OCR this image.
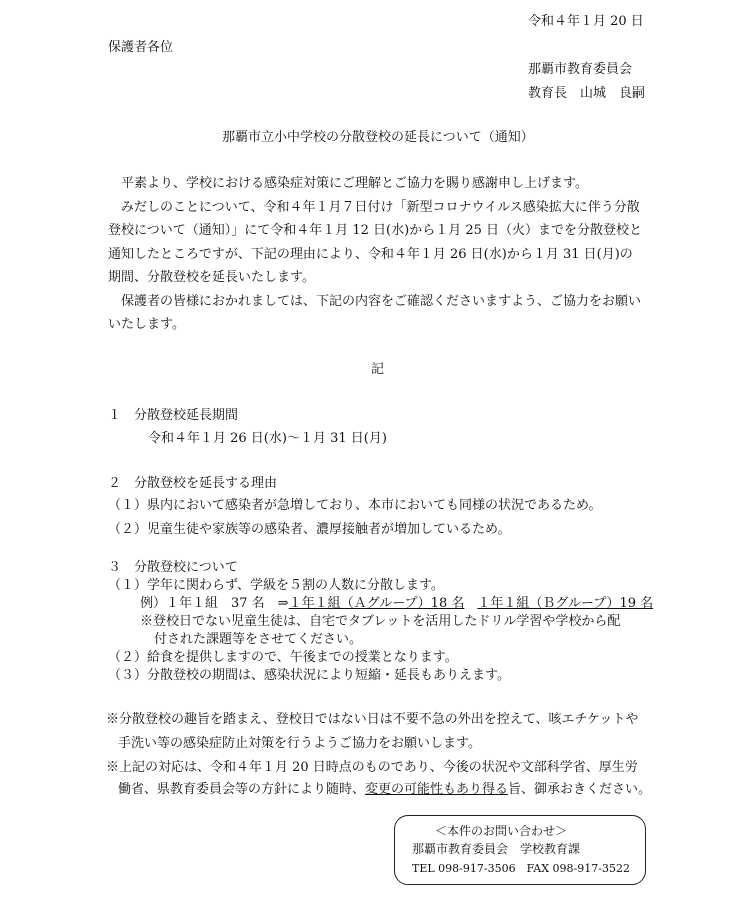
令和４年１月 20 日
保護者各位
那覇市教育委員会
教育長　山城　良嗣
那覇市立小中学校の分散登校の延長について（通知）
　平素より、学校における感染症対策にご理解とご協力を賜り感謝申し上げます。
　みだしのことについて、令和４年１月７日付け「新型コロナウイルス感染拡大に伴う分散
登校について（通知）」にて令和４年１月 12 日(水)から１月 25 日（火）までを分散登校と
通知したところですが、下記の理由により、令和４年１月 26 日(水)から１月 31 日(月)の
期間、分散登校を延長いたします。
　保護者の皆様におかれましては、下記の内容をご確認くださいますよう、ご協力をお願い
いたします。
記
１　分散登校延長期間
令和４年１月 26 日(水)～１月 31 日(月)
２　分散登校を延長する理由
（１）県内において感染者が急増しており、本市においても同様の状況であるため。
（２）児童生徒や家族等の感染者、濃厚接触者が増加しているため。
３　分散登校について
（１）学年に関わらず、学級を５割の人数に分散します。
例）１年１組　37 名　⇒１年１組（Ａグループ）18 名　 １年１組（Ｂグループ）19 名
※登校日でない児童生徒は、自宅でタブレットを活用したドリル学習や学校から配
付された課題等をさせてください。
（２）給食を提供しますので、午後までの授業となります。
（３）分散登校の期間は、感染状況により短縮・延長もありえます。
※分散登校の趣旨を踏まえ、登校日ではない日は不要不急の外出を控えて、咳エチケットや
手洗い等の感染症防止対策を行うようご協力をお願いします。
※上記の対応は、令和４年１月 20 日時点のものであり、今後の状況や文部科学省、厚生労
働省、県教育委員会等の方針により随時、変更の可能性もあり得る旨、御承おきください。
＜本件のお問い合わせ＞
那覇市教育委員会　学校教育課
TEL 098-917-3506　FAX 098-917-3522
